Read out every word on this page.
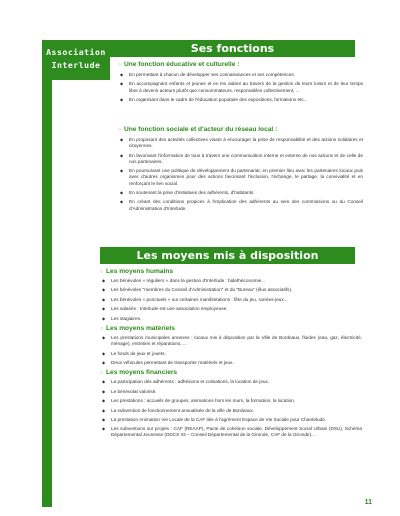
Association
Interlude
Ses fonctions
○ Une fonction éducative et culturelle :
◆ En permettant à chacun de développer ses connaissances et ses compétences.
◆ En accompagnant enfants et jeunes et en les aidant au travers de la gestion de leurs loisirs et de leur temps libre à devenir acteurs plutôt que consommateurs, responsables collectivement, ...
◆ En organisant dans le cadre de l'éducation populaire des expositions, formations etc...
○ Une fonction sociale et d'acteur du réseau local :
◆ En proposant des activités collectives visant à encourager la prise de responsabilité et des actions solidaires et citoyennes.
◆ En favorisant l'information de tous à travers une communication interne et externe de nos actions et de celle de nos partenaires.
◆ En poursuivant une politique de développement du partenariat, en premier lieu avec les partenaires locaux puis avec d'autres organismes pour des actions favorisant l'inclusion, l'échange, le partage, la convivialité et en renforçant le lien social.
◆ En soutenant la prise d'initiatives des adhérents, d'habitants.
◆ En créant des conditions propices à l'implication des adhérents au sein des commissions ou du Conseil d'Administration d'Interlude.
Les moyens mis à disposition
○ Les moyens humains
◆ Les bénévoles « réguliers » dans la gestion d'Interlude : bidethéconomie...
◆ Les bénévoles "membres du Conseil d'Administration" et du "Bureau" (élus associatifs).
◆ Les bénévoles « ponctuels » sur certaines manifestations : fête du jeu, soirées-jeux...
◆ Les salariés : Interlude est une association employeuse.
◆ Les stagiaires.
○ Les moyens matériels
◆ Les prestations municipales annexes : locaux mis à disposition par la Ville de Bordeaux, fluides (eau, gaz, électricité, ménage), entretien et réparations, ...
◆ Le fonds de jeux et jouets.
◆ Deux véhicules permettant de transporter matériels et jeux.
○ Les moyens financiers
◆ La participation des adhérents : adhésions et cotisations, la location de jeux.
◆ Le bénévolat valorisé.
◆ Les prestations : accueils de groupes, animations hors les murs, la formation, la location.
◆ La subvention de fonctionnement annualisée de la ville de Bordeaux.
◆ La prestation Animation Vie Locale de la CAF liée à l'agrément Espace de Vie Sociale pour Chantelude.
◆ Les subventions sur projets : CAF (REAAP), Pacte de cohésion sociale, Développement Social Urbain (DSU), Schéma Départemental Jeunesse (DDCS 33 – Conseil Départemental de la Gironde, CAF de la Gironde)...
11
